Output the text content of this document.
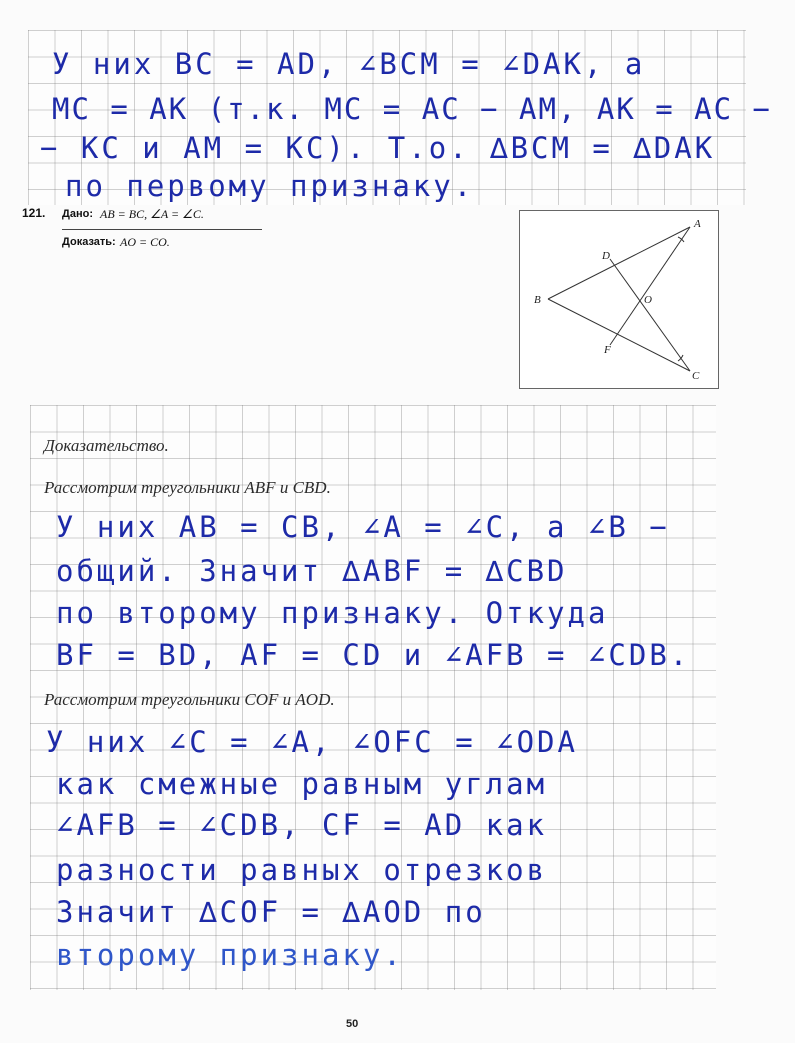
У них BC = AD, ∠BCM = ∠DAK, а
MC = AK (т.к. MC = AC − AM, AK = AC −
− KC и AM = KC). Т.о. ∆BCM = ∆DAK
по первому признаку.
121. Дано: AB = BC, ∠A = ∠C.
Доказать: AO = CO.
A
B
C
D
O
F
Доказательство.
Рассмотрим треугольники ABF и CBD.
У них AB = CB, ∠A = ∠C, а ∠B −
общий. Значит ∆ABF = ∆CBD
по второму признаку. Откуда
BF = BD, AF = CD и ∠AFB = ∠CDB.
Рассмотрим треугольники COF и AOD.
У них ∠C = ∠A, ∠OFC = ∠ODA
как смежные равным углам
∠AFB = ∠CDB, CF = AD как
разности равных отрезков
Значит ∆COF = ∆AOD по
второму признаку.
50
